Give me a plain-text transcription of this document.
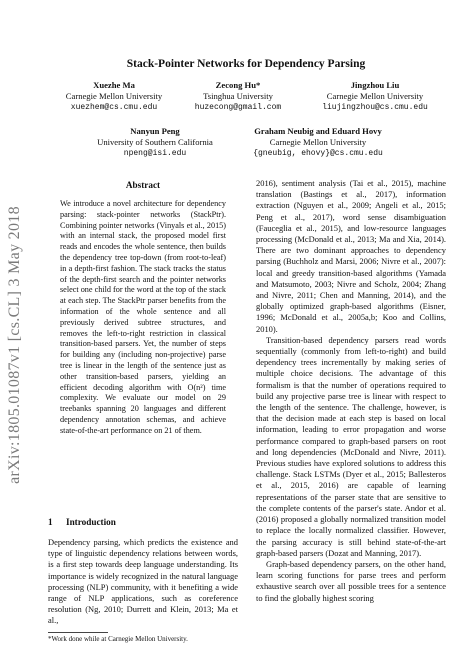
arXiv:1805.01087v1 [cs.CL] 3 May 2018
Stack-Pointer Networks for Dependency Parsing
Xuezhe Ma
Carnegie Mellon University
xuezhem@cs.cmu.edu
Zecong Hu*
Tsinghua University
huzecong@gmail.com
Jingzhou Liu
Carnegie Mellon University
liujingzhou@cs.cmu.edu
Nanyun Peng
University of Southern California
npeng@isi.edu
Graham Neubig and Eduard Hovy
Carnegie Mellon University
{gneubig, ehovy}@cs.cmu.edu
Abstract
We introduce a novel architecture for dependency parsing: stack-pointer networks (StackPtr). Combining pointer networks (Vinyals et al., 2015) with an internal stack, the proposed model first reads and encodes the whole sentence, then builds the dependency tree top-down (from root-to-leaf) in a depth-first fashion. The stack tracks the status of the depth-first search and the pointer networks select one child for the word at the top of the stack at each step. The StackPtr parser benefits from the information of the whole sentence and all previously derived subtree structures, and removes the left-to-right restriction in classical transition-based parsers. Yet, the number of steps for building any (including non-projective) parse tree is linear in the length of the sentence just as other transition-based parsers, yielding an efficient decoding algorithm with O(n²) time complexity. We evaluate our model on 29 treebanks spanning 20 languages and different dependency annotation schemas, and achieve state-of-the-art performance on 21 of them.
1 Introduction
Dependency parsing, which predicts the existence and type of linguistic dependency relations between words, is a first step towards deep language understanding. Its importance is widely recognized in the natural language processing (NLP) community, with it benefiting a wide range of NLP applications, such as coreference resolution (Ng, 2010; Durrett and Klein, 2013; Ma et al.,
*Work done while at Carnegie Mellon University.

2016), sentiment analysis (Tai et al., 2015), machine translation (Bastings et al., 2017), information extraction (Nguyen et al., 2009; Angeli et al., 2015; Peng et al., 2017), word sense disambiguation (Fauceglia et al., 2015), and low-resource languages processing (McDonald et al., 2013; Ma and Xia, 2014). There are two dominant approaches to dependency parsing (Buchholz and Marsi, 2006; Nivre et al., 2007): local and greedy transition-based algorithms (Yamada and Matsumoto, 2003; Nivre and Scholz, 2004; Zhang and Nivre, 2011; Chen and Manning, 2014), and the globally optimized graph-based algorithms (Eisner, 1996; McDonald et al., 2005a,b; Koo and Collins, 2010).

Transition-based dependency parsers read words sequentially (commonly from left-to-right) and build dependency trees incrementally by making series of multiple choice decisions. The advantage of this formalism is that the number of operations required to build any projective parse tree is linear with respect to the length of the sentence. The challenge, however, is that the decision made at each step is based on local information, leading to error propagation and worse performance compared to graph-based parsers on root and long dependencies (McDonald and Nivre, 2011). Previous studies have explored solutions to address this challenge. Stack LSTMs (Dyer et al., 2015; Ballesteros et al., 2015, 2016) are capable of learning representations of the parser state that are sensitive to the complete contents of the parser's state. Andor et al. (2016) proposed a globally normalized transition model to replace the locally normalized classifier. However, the parsing accuracy is still behind state-of-the-art graph-based parsers (Dozat and Manning, 2017).

Graph-based dependency parsers, on the other hand, learn scoring functions for parse trees and perform exhaustive search over all possible trees for a sentence to find the globally highest scoring
